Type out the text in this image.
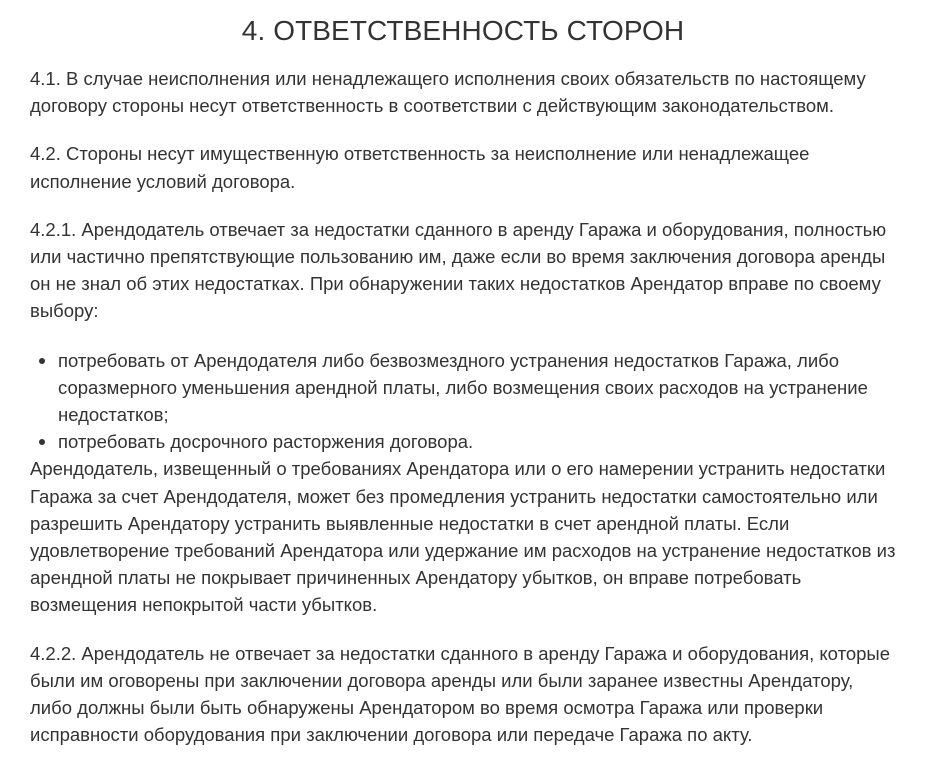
4. ОТВЕТСТВЕННОСТЬ СТОРОН

4.1. В случае неисполнения или ненадлежащего исполнения своих обязательств по настоящему договору стороны несут ответственность в соответствии с действующим законодательством.

4.2. Стороны несут имущественную ответственность за неисполнение или ненадлежащее исполнение условий договора.

4.2.1. Арендодатель отвечает за недостатки сданного в аренду Гаража и оборудования, полностью или частично препятствующие пользованию им, даже если во время заключения договора аренды он не знал об этих недостатках. При обнаружении таких недостатков Арендатор вправе по своему выбору:

потребовать от Арендодателя либо безвозмездного устранения недостатков Гаража, либо соразмерного уменьшения арендной платы, либо возмещения своих расходов на устранение недостатков;
потребовать досрочного расторжения договора.

Арендодатель, извещенный о требованиях Арендатора или о его намерении устранить недостатки Гаража за счет Арендодателя, может без промедления устранить недостатки самостоятельно или разрешить Арендатору устранить выявленные недостатки в счет арендной платы. Если удовлетворение требований Арендатора или удержание им расходов на устранение недостатков из арендной платы не покрывает причиненных Арендатору убытков, он вправе потребовать возмещения непокрытой части убытков.

4.2.2. Арендодатель не отвечает за недостатки сданного в аренду Гаража и оборудования, которые были им оговорены при заключении договора аренды или были заранее известны Арендатору, либо должны были быть обнаружены Арендатором во время осмотра Гаража или проверки исправности оборудования при заключении договора или передаче Гаража по акту.
